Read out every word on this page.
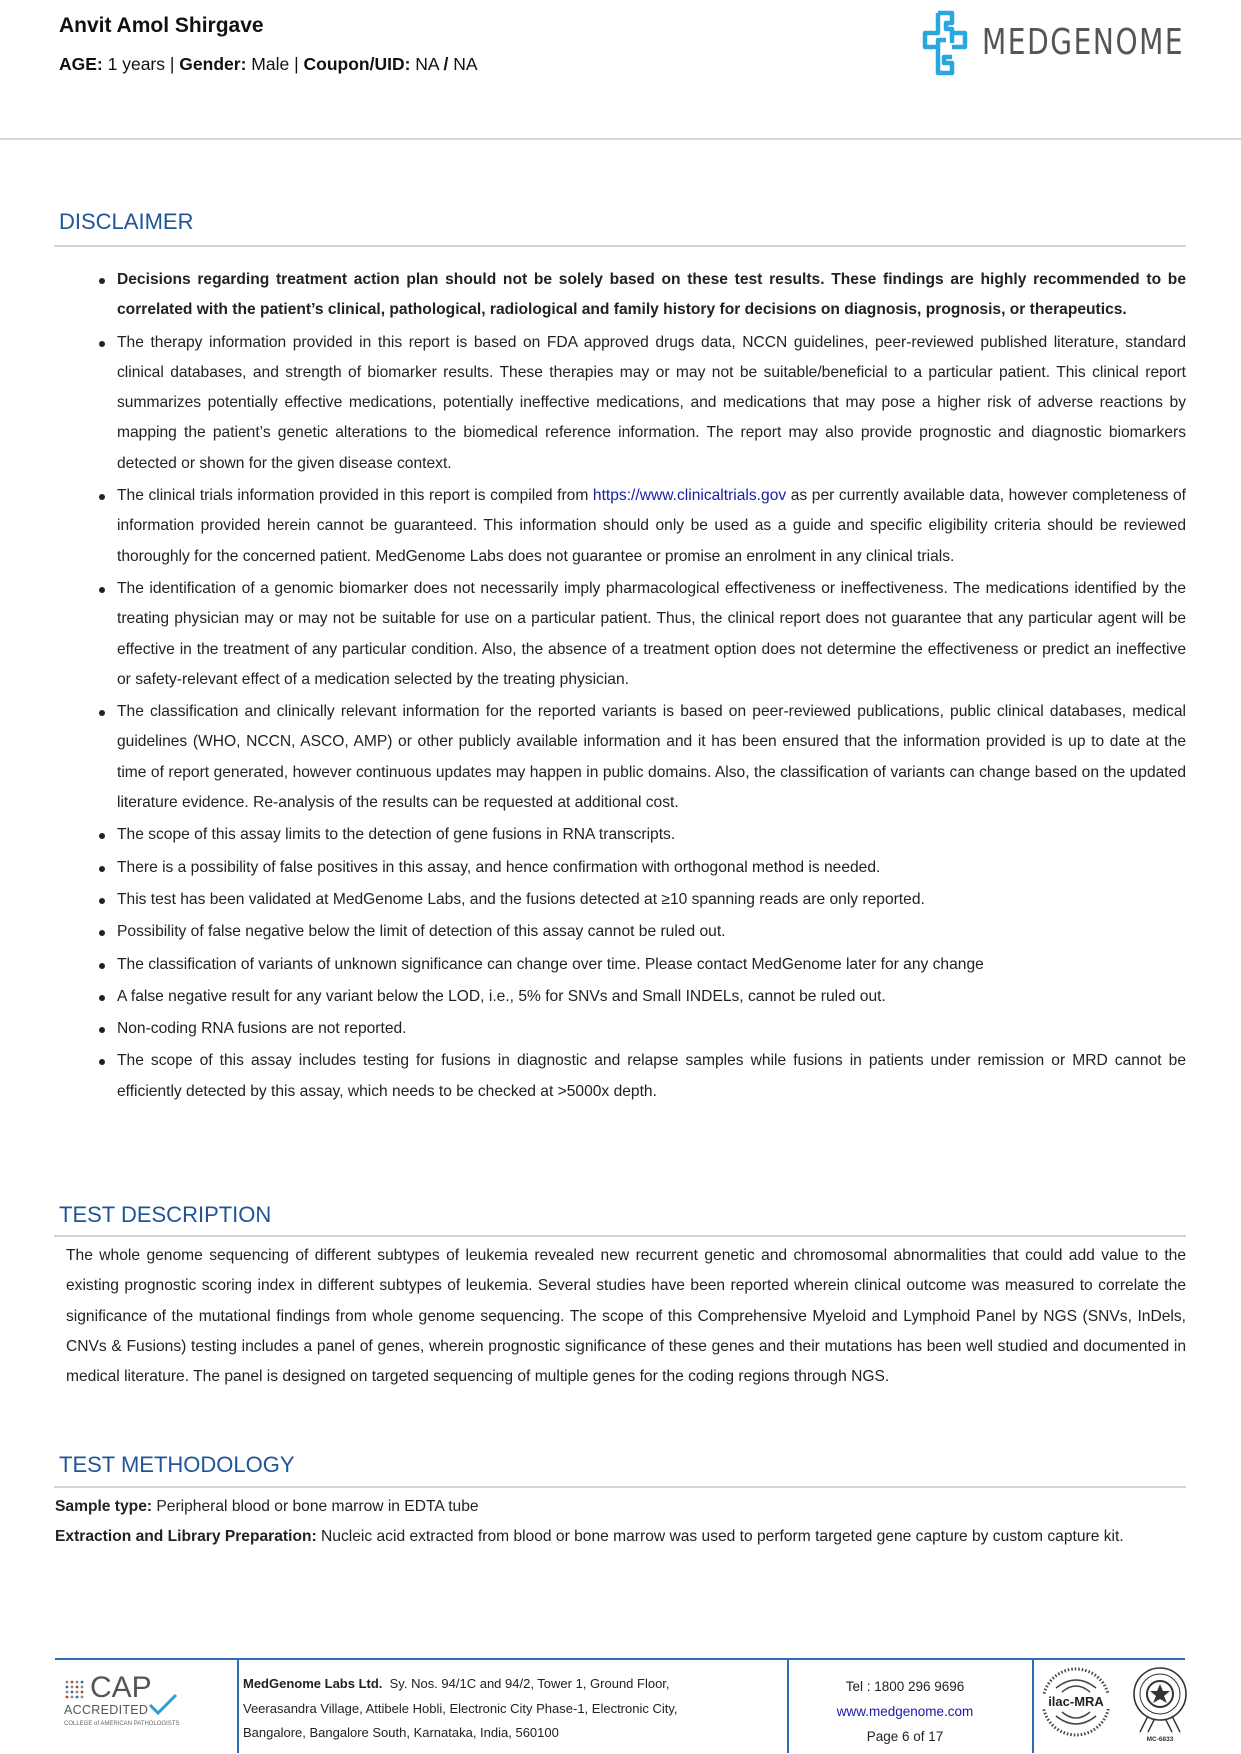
Anvit Amol Shirgave
AGE: 1 years | Gender: Male | Coupon/UID: NA / NA
MEDGENOME
DISCLAIMER
Decisions regarding treatment action plan should not be solely based on these test results. These findings are highly recommended to be correlated with the patient’s clinical, pathological, radiological and family history for decisions on diagnosis, prognosis, or therapeutics.
The therapy information provided in this report is based on FDA approved drugs data, NCCN guidelines, peer-reviewed published literature, standard clinical databases, and strength of biomarker results. These therapies may or may not be suitable/beneficial to a particular patient. This clinical report summarizes potentially effective medications, potentially ineffective medications, and medications that may pose a higher risk of adverse reactions by mapping the patient’s genetic alterations to the biomedical reference information. The report may also provide prognostic and diagnostic biomarkers detected or shown for the given disease context.
The clinical trials information provided in this report is compiled from https://www.clinicaltrials.gov as per currently available data, however completeness of information provided herein cannot be guaranteed. This information should only be used as a guide and specific eligibility criteria should be reviewed thoroughly for the concerned patient. MedGenome Labs does not guarantee or promise an enrolment in any clinical trials.
The identification of a genomic biomarker does not necessarily imply pharmacological effectiveness or ineffectiveness. The medications identified by the treating physician may or may not be suitable for use on a particular patient. Thus, the clinical report does not guarantee that any particular agent will be effective in the treatment of any particular condition. Also, the absence of a treatment option does not determine the effectiveness or predict an ineffective or safety-relevant effect of a medication selected by the treating physician.
The classification and clinically relevant information for the reported variants is based on peer-reviewed publications, public clinical databases, medical guidelines (WHO, NCCN, ASCO, AMP) or other publicly available information and it has been ensured that the information provided is up to date at the time of report generated, however continuous updates may happen in public domains. Also, the classification of variants can change based on the updated literature evidence. Re-analysis of the results can be requested at additional cost.
The scope of this assay limits to the detection of gene fusions in RNA transcripts.
There is a possibility of false positives in this assay, and hence confirmation with orthogonal method is needed.
This test has been validated at MedGenome Labs, and the fusions detected at ≥10 spanning reads are only reported.
Possibility of false negative below the limit of detection of this assay cannot be ruled out.
The classification of variants of unknown significance can change over time. Please contact MedGenome later for any change
A false negative result for any variant below the LOD, i.e., 5% for SNVs and Small INDELs, cannot be ruled out.
Non-coding RNA fusions are not reported.
The scope of this assay includes testing for fusions in diagnostic and relapse samples while fusions in patients under remission or MRD cannot be efficiently detected by this assay, which needs to be checked at >5000x depth.
TEST DESCRIPTION
The whole genome sequencing of different subtypes of leukemia revealed new recurrent genetic and chromosomal abnormalities that could add value to the existing prognostic scoring index in different subtypes of leukemia. Several studies have been reported wherein clinical outcome was measured to correlate the significance of the mutational findings from whole genome sequencing. The scope of this Comprehensive Myeloid and Lymphoid Panel by NGS (SNVs, InDels, CNVs & Fusions) testing includes a panel of genes, wherein prognostic significance of these genes and their mutations has been well studied and documented in medical literature. The panel is designed on targeted sequencing of multiple genes for the coding regions through NGS.
TEST METHODOLOGY
Sample type: Peripheral blood or bone marrow in EDTA tube
Extraction and Library Preparation: Nucleic acid extracted from blood or bone marrow was used to perform targeted gene capture by custom capture kit.
CAP
ACCREDITED
COLLEGE of AMERICAN PATHOLOGISTS
MedGenome Labs Ltd. Sy. Nos. 94/1C and 94/2, Tower 1, Ground Floor,
Veerasandra Village, Attibele Hobli, Electronic City Phase-1, Electronic City,
Bangalore, Bangalore South, Karnataka, India, 560100
Tel : 1800 296 9696
www.medgenome.com
Page 6 of 17
ilac-MRA
MC-6833
